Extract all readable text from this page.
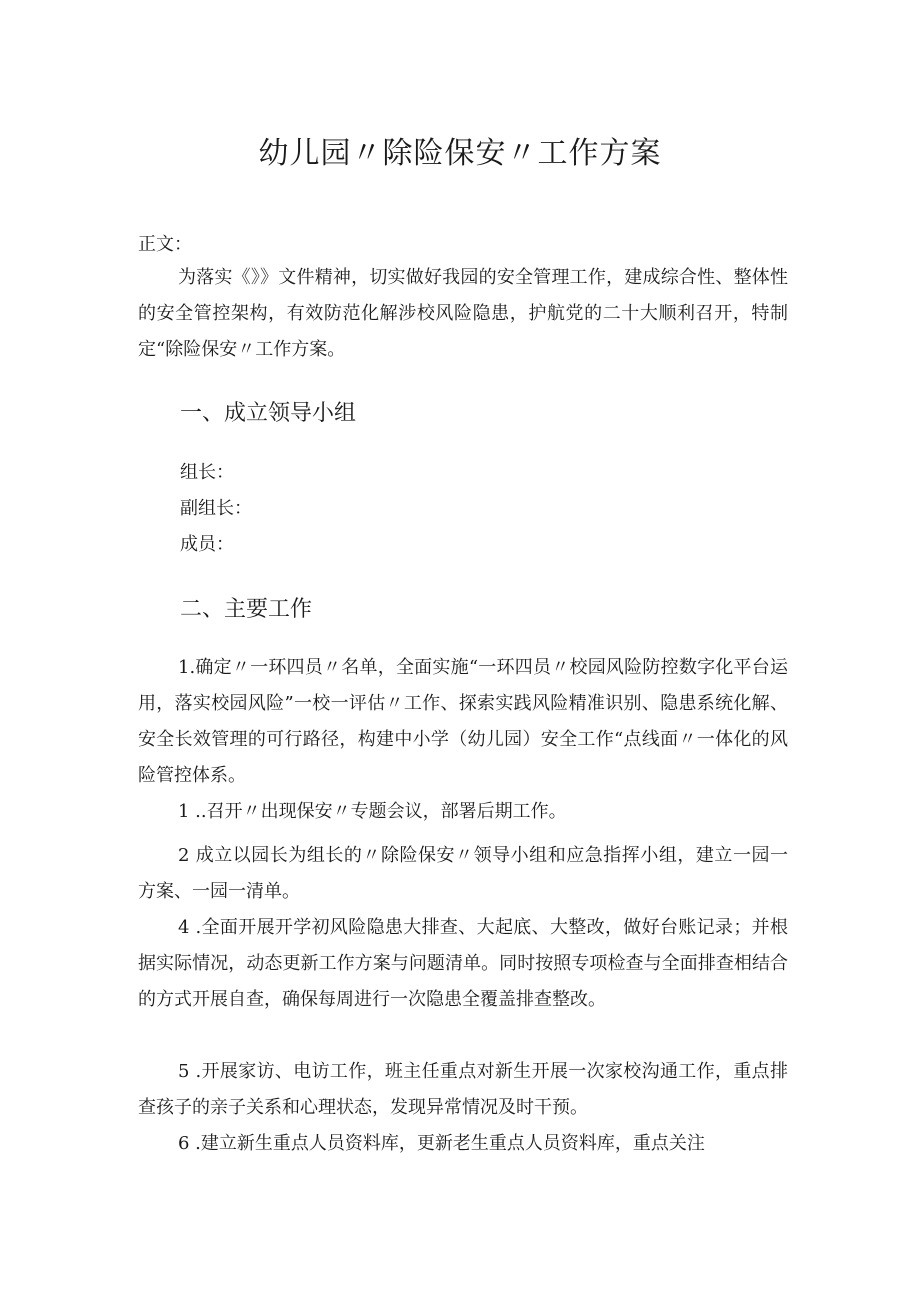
幼儿园〃除险保安〃工作方案
正文：

为落实《》》文件精神，切实做好我园的安全管理工作，建成综合性、整体性的安全管控架构，有效防范化解涉校风险隐患，护航党的二十大顺利召开，特制定“除险保安〃工作方案。

一、成立领导小组
组长：
副组长：
成员：
二、主要工作

1.确定〃一环四员〃名单，全面实施“一环四员〃校园风险防控数字化平台运用，落实校园风险”一校一评估〃工作、探索实践风险精准识别、隐患系统化解、安全长效管理的可行路径，构建中小学（幼儿园）安全工作“点线面〃一体化的风险管控体系。

1 ..召开〃出现保安〃专题会议，部署后期工作。

2 成立以园长为组长的〃除险保安〃领导小组和应急指挥小组，建立一园一方案、一园一清单。

4 .全面开展开学初风险隐患大排查、大起底、大整改，做好台账记录；并根据实际情况，动态更新工作方案与问题清单。同时按照专项检查与全面排查相结合的方式开展自查，确保每周进行一次隐患全覆盖排查整改。

5 .开展家访、电访工作，班主任重点对新生开展一次家校沟通工作，重点排查孩子的亲子关系和心理状态，发现异常情况及时干预。

6 .建立新生重点人员资料库，更新老生重点人员资料库，重点关注
